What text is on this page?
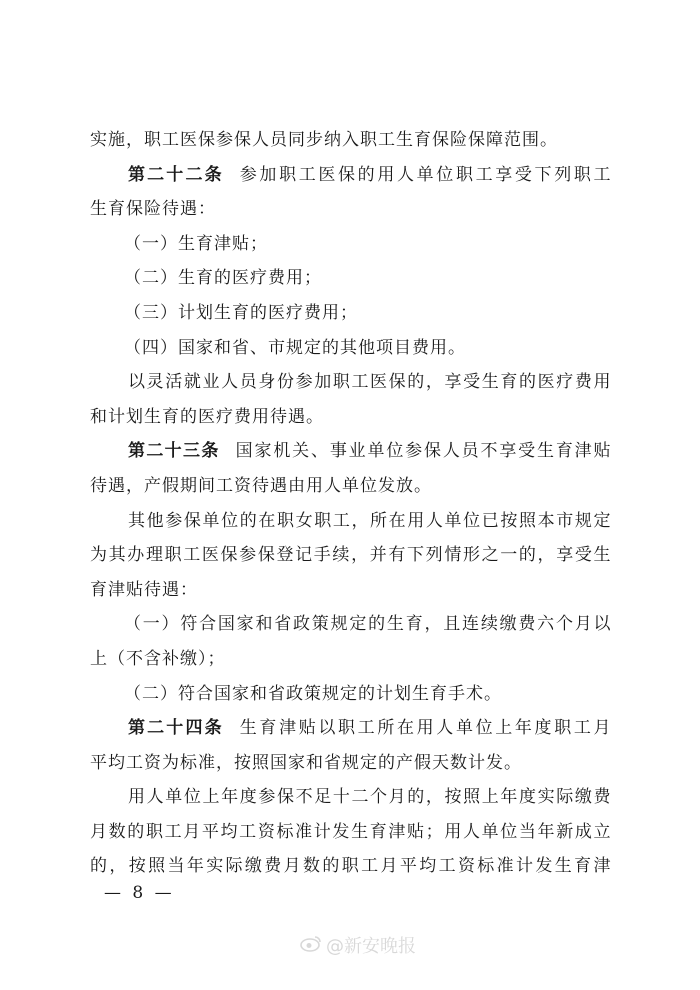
实施，职工医保参保人员同步纳入职工生育保险保障范围。
第二十二条 参加职工医保的用人单位职工享受下列职工
生育保险待遇：
（一）生育津贴；
（二）生育的医疗费用；
（三）计划生育的医疗费用；
（四）国家和省、市规定的其他项目费用。
以灵活就业人员身份参加职工医保的，享受生育的医疗费用
和计划生育的医疗费用待遇。
第二十三条 国家机关、事业单位参保人员不享受生育津贴
待遇，产假期间工资待遇由用人单位发放。
其他参保单位的在职女职工，所在用人单位已按照本市规定
为其办理职工医保参保登记手续，并有下列情形之一的，享受生
育津贴待遇：
（一）符合国家和省政策规定的生育，且连续缴费六个月以
上（不含补缴）；
（二）符合国家和省政策规定的计划生育手术。
第二十四条 生育津贴以职工所在用人单位上年度职工月
平均工资为标准，按照国家和省规定的产假天数计发。
用人单位上年度参保不足十二个月的，按照上年度实际缴费
月数的职工月平均工资标准计发生育津贴；用人单位当年新成立
的，按照当年实际缴费月数的职工月平均工资标准计发生育津
— 8 —
@新安晚报
